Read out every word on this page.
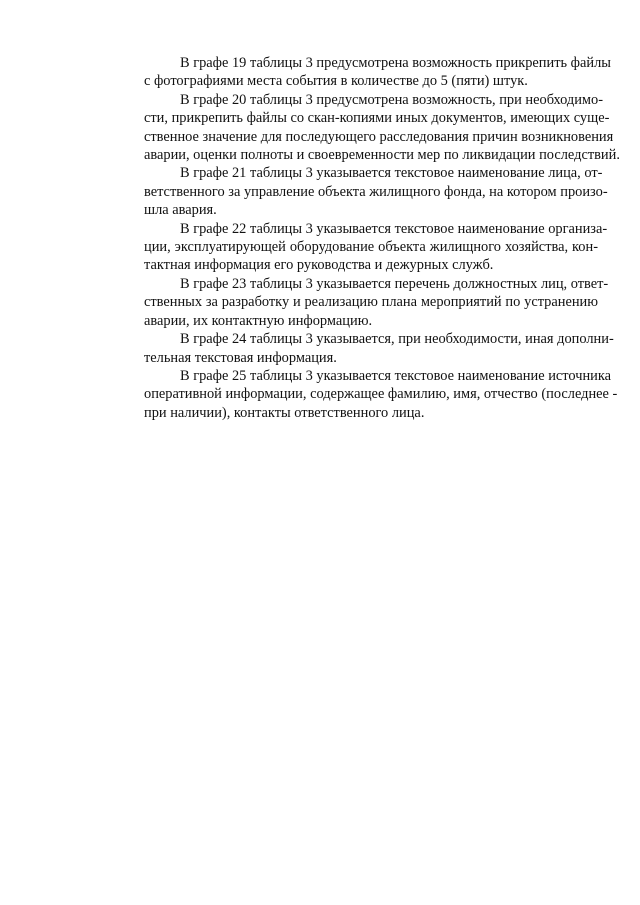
В графе 19 таблицы 3 предусмотрена возможность прикрепить файлы
с фотографиями места события в количестве до 5 (пяти) штук.
В графе 20 таблицы 3 предусмотрена возможность, при необходимо-
сти, прикрепить файлы со скан-копиями иных документов, имеющих суще-
ственное значение для последующего расследования причин возникновения
аварии, оценки полноты и своевременности мер по ликвидации последствий.
В графе 21 таблицы 3 указывается текстовое наименование лица, от-
ветственного за управление объекта жилищного фонда, на котором произо-
шла авария.
В графе 22 таблицы 3 указывается текстовое наименование организа-
ции, эксплуатирующей оборудование объекта жилищного хозяйства, кон-
тактная информация его руководства и дежурных служб.
В графе 23 таблицы 3 указывается перечень должностных лиц, ответ-
ственных за разработку и реализацию плана мероприятий по устранению
аварии, их контактную информацию.
В графе 24 таблицы 3 указывается, при необходимости, иная дополни-
тельная текстовая информация.
В графе 25 таблицы 3 указывается текстовое наименование источника
оперативной информации, содержащее фамилию, имя, отчество (последнее -
при наличии), контакты ответственного лица.
